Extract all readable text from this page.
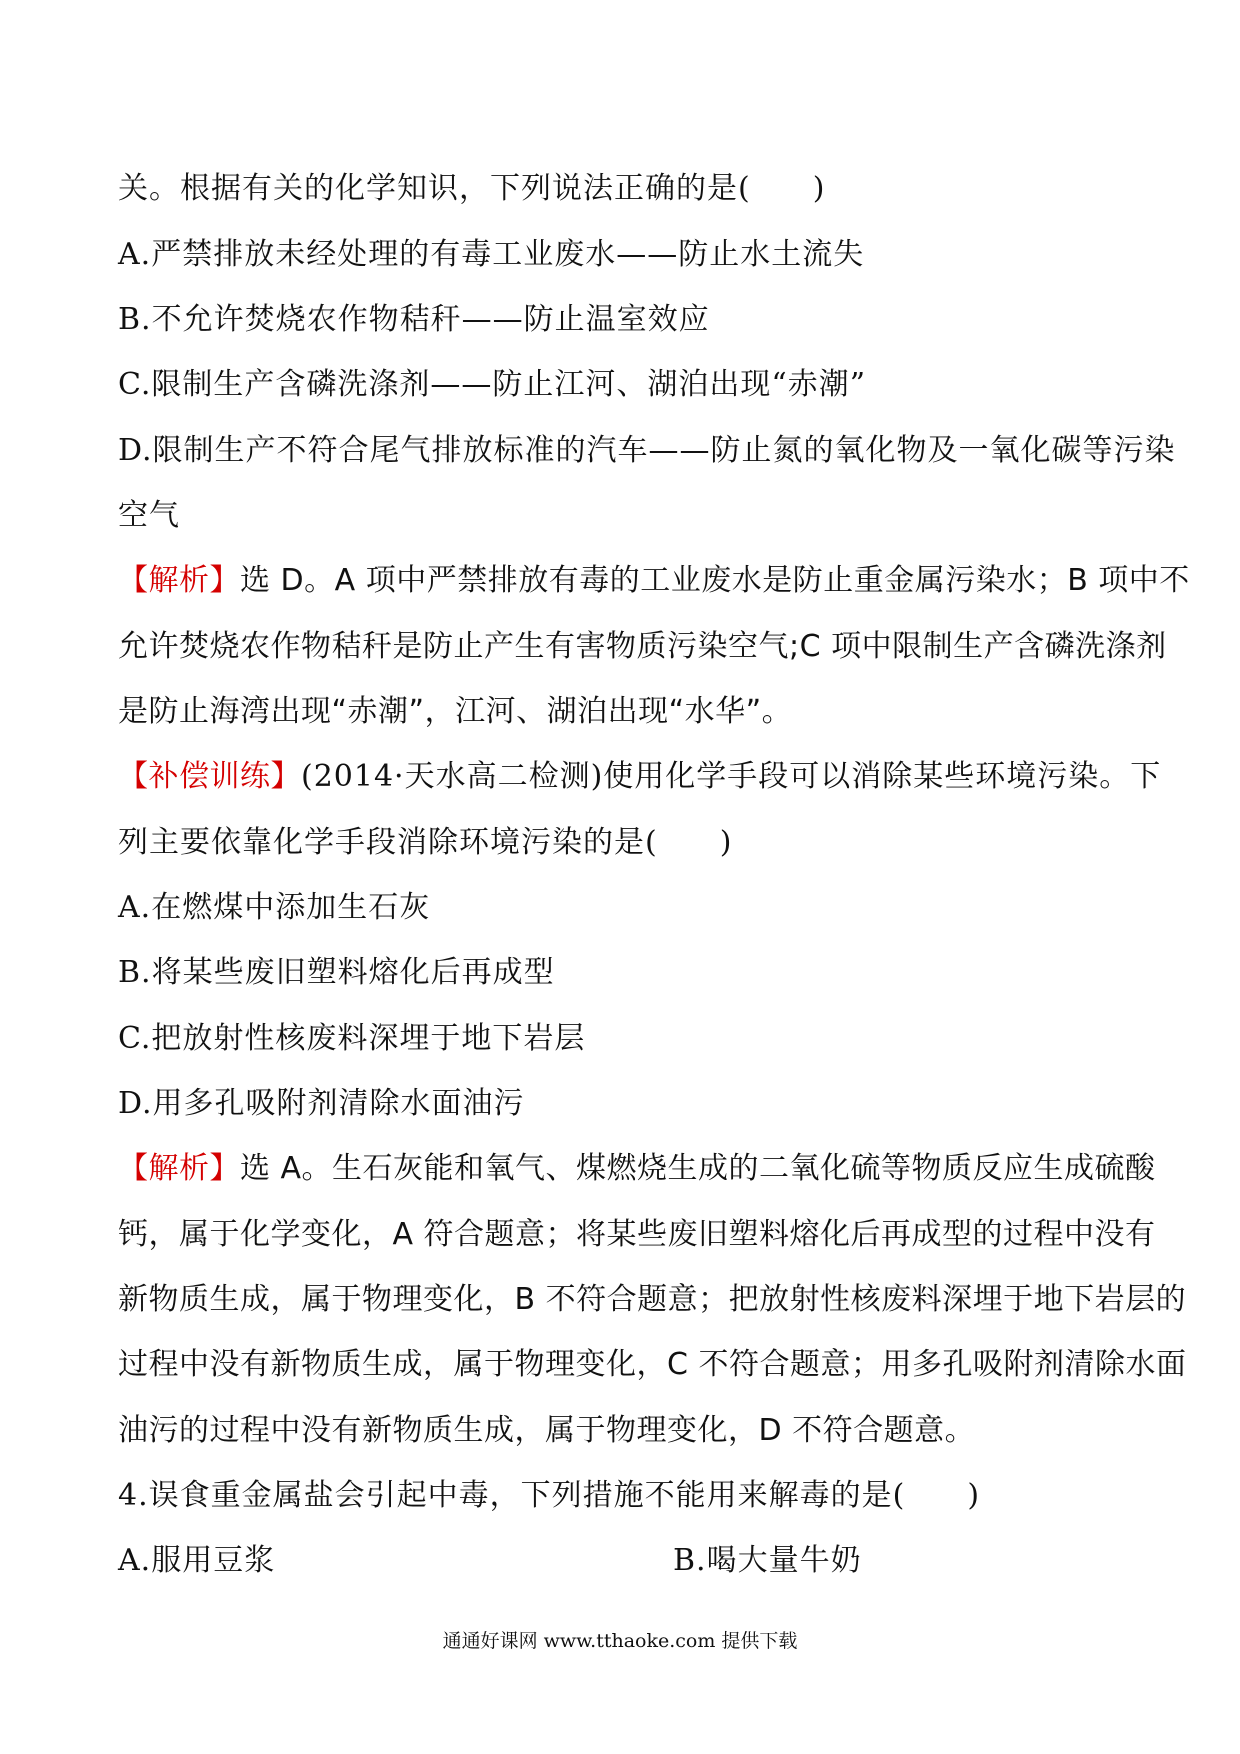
关。根据有关的化学知识，下列说法正确的是(　　)
A.严禁排放未经处理的有毒工业废水——防止水土流失
B.不允许焚烧农作物秸秆——防止温室效应
C.限制生产含磷洗涤剂——防止江河、湖泊出现“赤潮”
D.限制生产不符合尾气排放标准的汽车——防止氮的氧化物及一氧化碳等污染
空气
【解析】选 D。A 项中严禁排放有毒的工业废水是防止重金属污染水；B 项中不
允许焚烧农作物秸秆是防止产生有害物质污染空气;C 项中限制生产含磷洗涤剂
是防止海湾出现“赤潮”，江河、湖泊出现“水华”。
【补偿训练】(2014·天水高二检测)使用化学手段可以消除某些环境污染。下
列主要依靠化学手段消除环境污染的是(　　)
A.在燃煤中添加生石灰
B.将某些废旧塑料熔化后再成型
C.把放射性核废料深埋于地下岩层
D.用多孔吸附剂清除水面油污
【解析】选 A。生石灰能和氧气、煤燃烧生成的二氧化硫等物质反应生成硫酸
钙，属于化学变化，A 符合题意；将某些废旧塑料熔化后再成型的过程中没有
新物质生成，属于物理变化，B 不符合题意；把放射性核废料深埋于地下岩层的
过程中没有新物质生成，属于物理变化，C 不符合题意；用多孔吸附剂清除水面
油污的过程中没有新物质生成，属于物理变化，D 不符合题意。
4.误食重金属盐会引起中毒，下列措施不能用来解毒的是(　　)
A.服用豆浆	B.喝大量牛奶
通通好课网 www.tthaoke.com 提供下载
